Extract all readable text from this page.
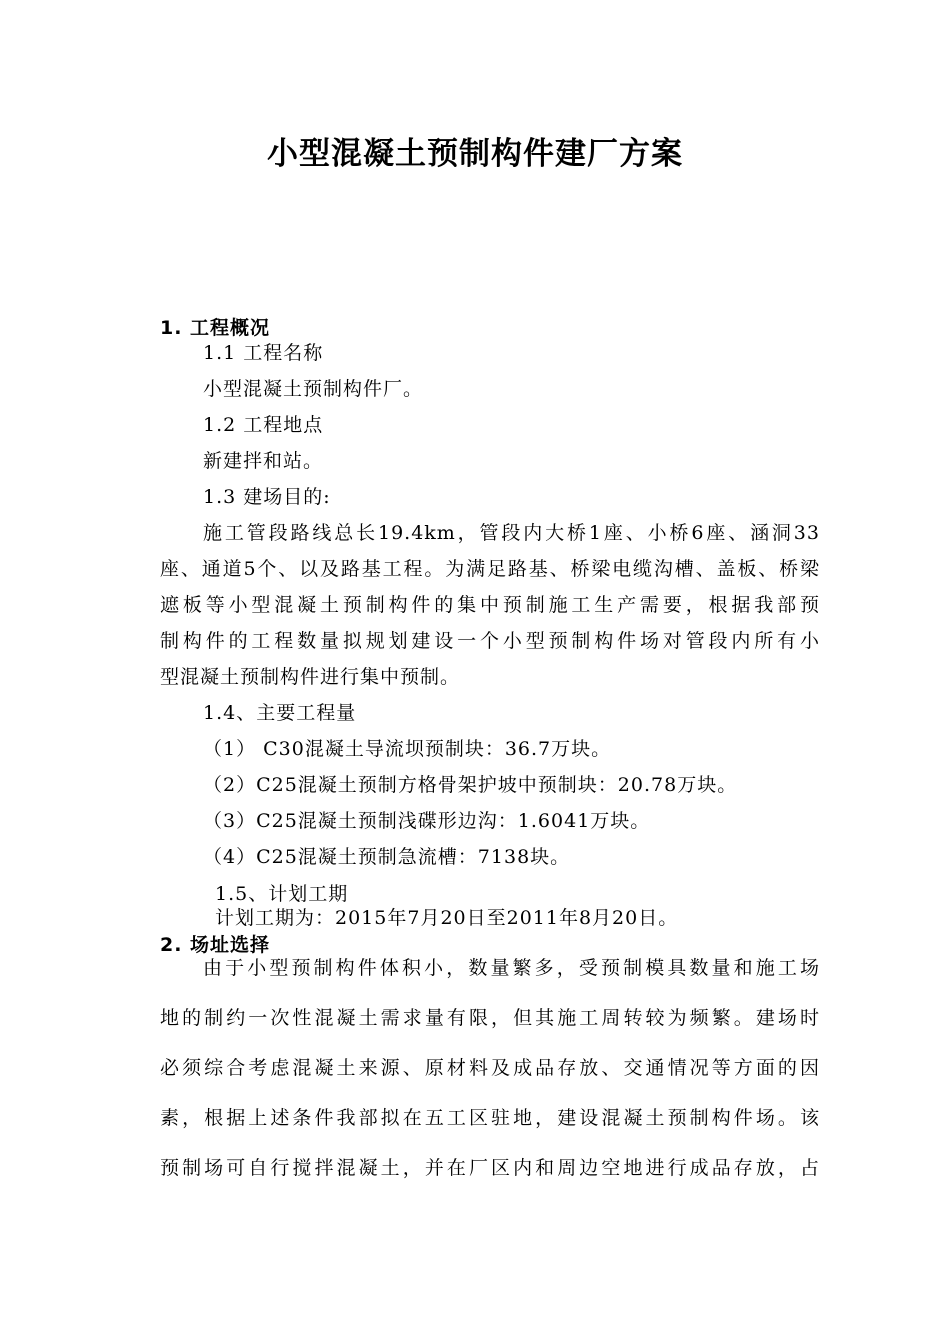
小型混凝土预制构件建厂方案
1. 工程概况
1.1 工程名称
小型混凝土预制构件厂。
1.2 工程地点
新建拌和站。
1.3 建场目的:
施工管段路线总长19.4km，管段内大桥1座、小桥6座、涵洞33
座、通道5个、以及路基工程。为满足路基、桥梁电缆沟槽、盖板、桥梁
遮板等小型混凝土预制构件的集中预制施工生产需要，根据我部预
制构件的工程数量拟规划建设一个小型预制构件场对管段内所有小
型混凝土预制构件进行集中预制。
1.4、主要工程量
（1） C30混凝土导流坝预制块：36.7万块。
（2）C25混凝土预制方格骨架护坡中预制块：20.78万块。
（3）C25混凝土预制浅碟形边沟：1.6041万块。
（4）C25混凝土预制急流槽：7138块。
1.5、计划工期
计划工期为：2015年7月20日至2011年8月20日。
2. 场址选择
由于小型预制构件体积小，数量繁多，受预制模具数量和施工场
地的制约一次性混凝土需求量有限，但其施工周转较为频繁。建场时
必须综合考虑混凝土来源、原材料及成品存放、交通情况等方面的因
素，根据上述条件我部拟在五工区驻地，建设混凝土预制构件场。该
预制场可自行搅拌混凝土，并在厂区内和周边空地进行成品存放，占
